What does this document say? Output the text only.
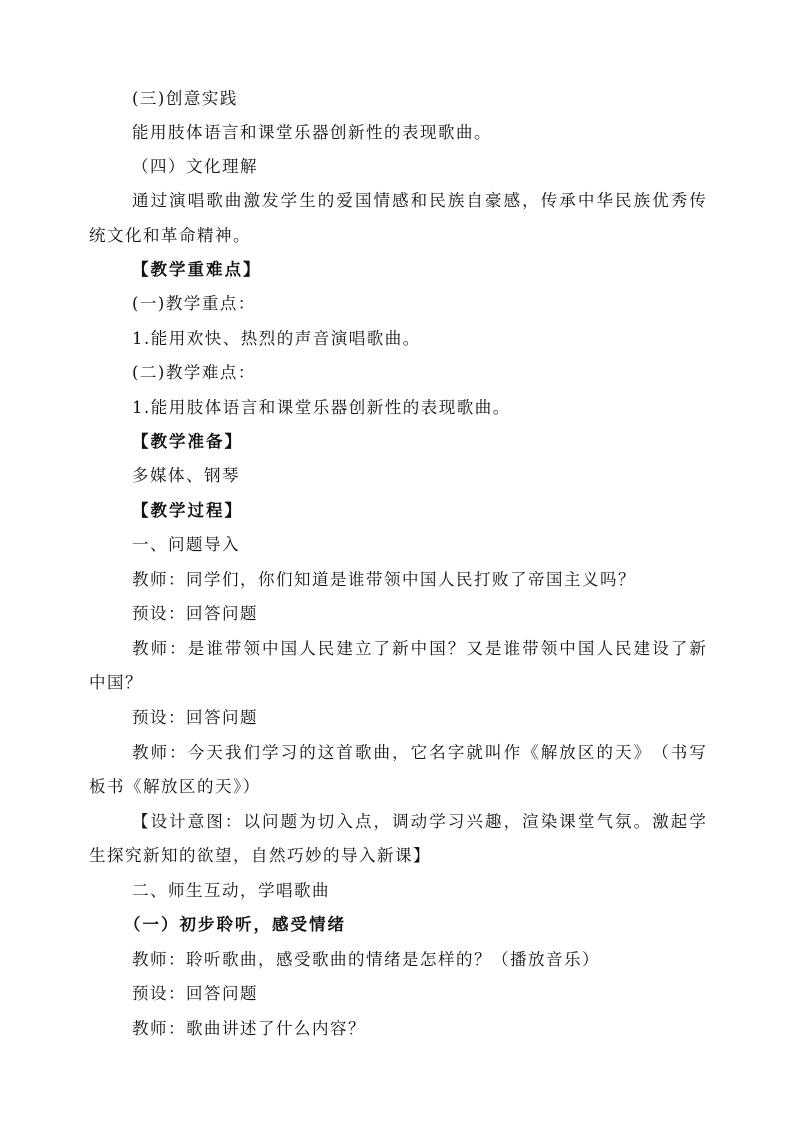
(三)创意实践
能用肢体语言和课堂乐器创新性的表现歌曲。
（四）文化理解
通 过 演 唱 歌 曲 激 发 学 生 的 爱 国 情 感 和 民 族 自 豪 感 ， 传 承 中 华 民 族 优 秀 传
统文化和革命精神。
【教学重难点】
(一)教学重点：
1.能用欢快、热烈的声音演唱歌曲。
(二)教学难点：
1.能用肢体语言和课堂乐器创新性的表现歌曲。
【教学准备】
多媒体、钢琴
【教学过程】
一、问题导入
教师：同学们，你们知道是谁带领中国人民打败了帝国主义吗？
预设：回答问题
教 师 ： 是 谁 带 领 中 国 人 民 建 立 了 新 中 国 ？ 又 是 谁 带 领 中 国 人 民 建 设 了 新
中国？
预设：回答问题
教 师 ： 今 天 我 们 学 习 的 这 首 歌 曲 ， 它 名 字 就 叫 作 《 解 放 区 的 天 》 （ 书 写
板书《解放区的天》）
【 设 计 意 图 ： 以 问 题 为 切 入 点 ， 调 动 学 习 兴 趣 ， 渲 染 课 堂 气 氛 。 激 起 学
生探究新知的欲望，自然巧妙的导入新课】
二、师生互动，学唱歌曲
（一）初步聆听，感受情绪
教师：聆听歌曲，感受歌曲的情绪是怎样的？（播放音乐）
预设：回答问题
教师：歌曲讲述了什么内容？
